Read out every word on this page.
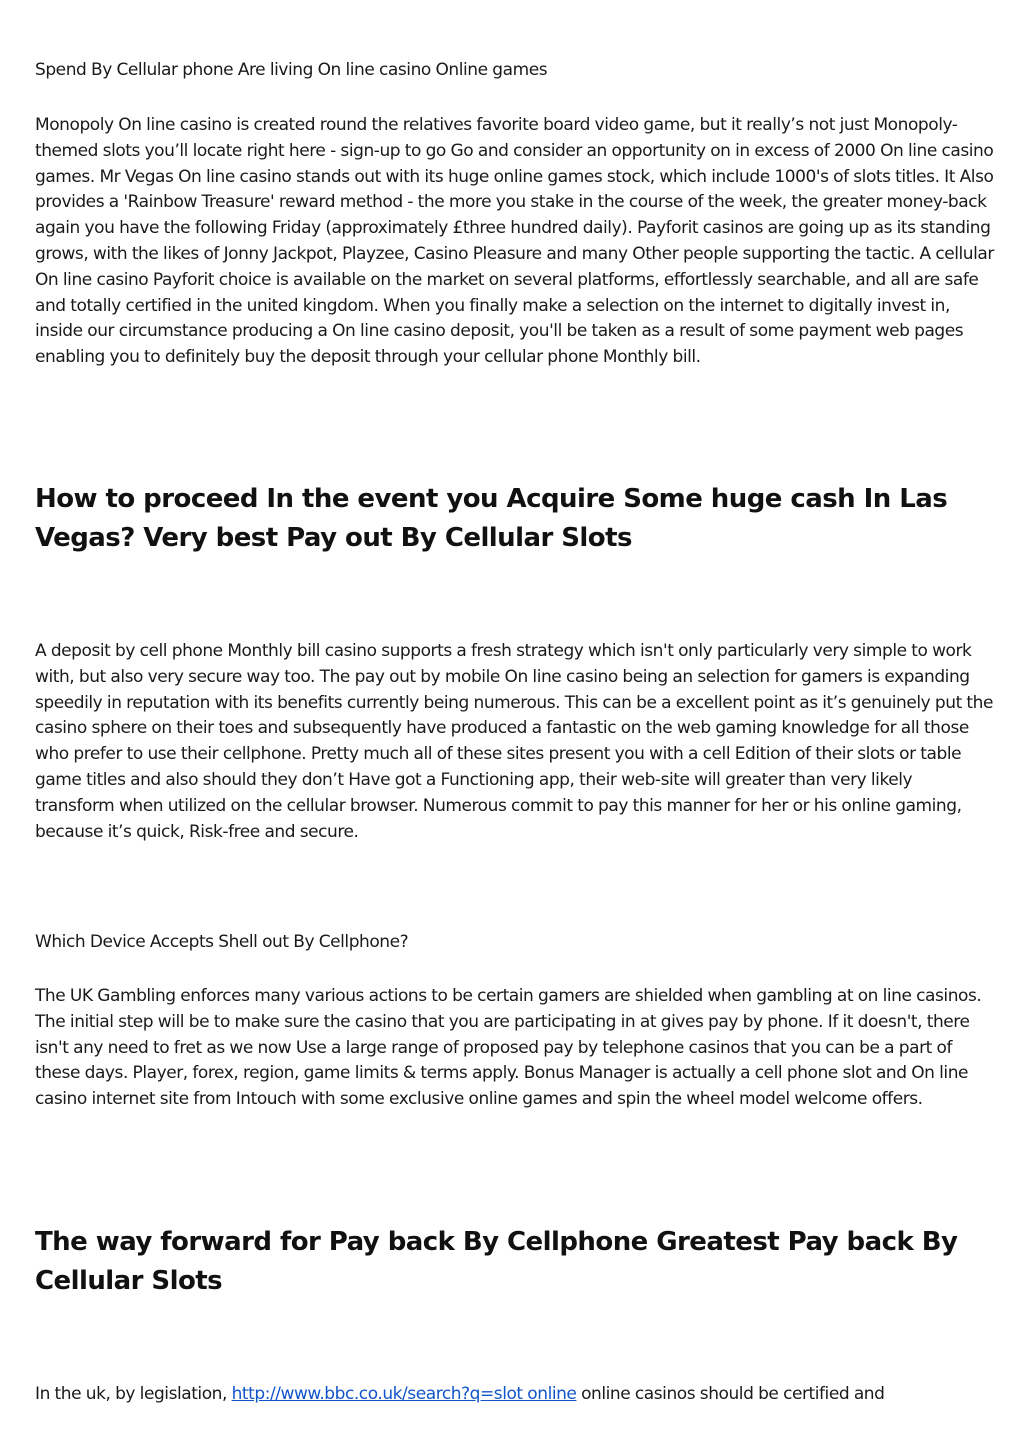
Spend By Cellular phone Are living On line casino Online games

Monopoly On line casino is created round the relatives favorite board video game, but it really’s not just Monopoly-themed slots you’ll locate right here - sign-up to go Go and consider an opportunity on in excess of 2000 On line casino games. Mr Vegas On line casino stands out with its huge online games stock, which include 1000's of slots titles. It Also provides a 'Rainbow Treasure' reward method - the more you stake in the course of the week, the greater money-back again you have the following Friday (approximately £three hundred daily). Payforit casinos are going up as its standing grows, with the likes of Jonny Jackpot, Playzee, Casino Pleasure and many Other people supporting the tactic. A cellular On line casino Payforit choice is available on the market on several platforms, effortlessly searchable, and all are safe and totally certified in the united kingdom. When you finally make a selection on the internet to digitally invest in, inside our circumstance producing a On line casino deposit, you'll be taken as a result of some payment web pages enabling you to definitely buy the deposit through your cellular phone Monthly bill.

How to proceed In the event you Acquire Some huge cash In Las Vegas? Very best Pay out By Cellular Slots

A deposit by cell phone Monthly bill casino supports a fresh strategy which isn't only particularly very simple to work with, but also very secure way too. The pay out by mobile On line casino being an selection for gamers is expanding speedily in reputation with its benefits currently being numerous. This can be a excellent point as it’s genuinely put the casino sphere on their toes and subsequently have produced a fantastic on the web gaming knowledge for all those who prefer to use their cellphone. Pretty much all of these sites present you with a cell Edition of their slots or table game titles and also should they don’t Have got a Functioning app, their web-site will greater than very likely transform when utilized on the cellular browser. Numerous commit to pay this manner for her or his online gaming, because it’s quick, Risk-free and secure.

Which Device Accepts Shell out By Cellphone?

The UK Gambling enforces many various actions to be certain gamers are shielded when gambling at on line casinos. The initial step will be to make sure the casino that you are participating in at gives pay by phone. If it doesn't, there isn't any need to fret as we now Use a large range of proposed pay by telephone casinos that you can be a part of these days. Player, forex, region, game limits & terms apply. Bonus Manager is actually a cell phone slot and On line casino internet site from Intouch with some exclusive online games and spin the wheel model welcome offers.

The way forward for Pay back By Cellphone Greatest Pay back By Cellular Slots

In the uk, by legislation, http://www.bbc.co.uk/search?q=slot online online casinos should be certified and
